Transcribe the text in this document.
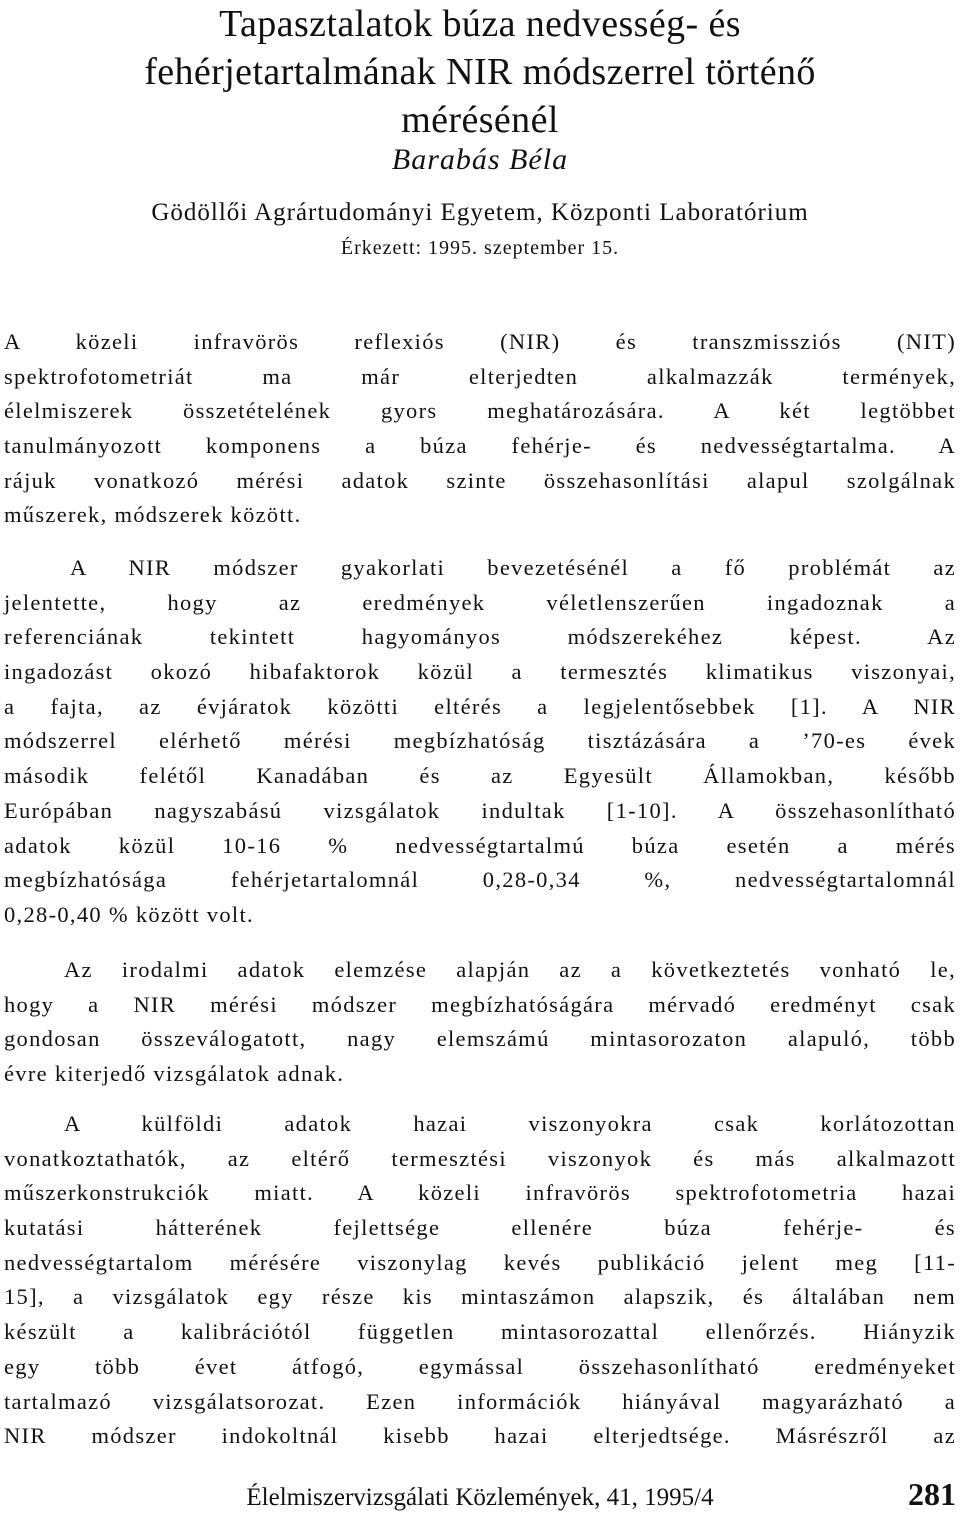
Tapasztalatok búza nedvesség- és
fehérjetartalmának NIR módszerrel történő
mérésénél
Barabás Béla
Gödöllői Agrártudományi Egyetem, Központi Laboratórium
Érkezett: 1995. szeptember 15.
A közeli infravörös reflexiós (NIR) és transzmissziós (NIT)
spektrofotometriát ma már elterjedten alkalmazzák termények,
élelmiszerek összetételének gyors meghatározására. A két legtöbbet
tanulmányozott komponens a búza fehérje- és nedvességtartalma. A
rájuk vonatkozó mérési adatok szinte összehasonlítási alapul szolgálnak
műszerek, módszerek között.
A NIR módszer gyakorlati bevezetésénél a fő problémát az
jelentette, hogy az eredmények véletlenszerűen ingadoznak a
referenciának tekintett hagyományos módszerekéhez képest. Az
ingadozást okozó hibafaktorok közül a termesztés klimatikus viszonyai,
a fajta, az évjáratok közötti eltérés a legjelentősebbek [1]. A NIR
módszerrel elérhető mérési megbízhatóság tisztázására a ’70-es évek
második felétől Kanadában és az Egyesült Államokban, később
Európában nagyszabású vizsgálatok indultak [1-10]. A összehasonlítható
adatok közül 10-16 % nedvességtartalmú búza esetén a mérés
megbízhatósága fehérjetartalomnál 0,28-0,34 %, nedvességtartalomnál
0,28-0,40 % között volt.
Az irodalmi adatok elemzése alapján az a következtetés vonható le,
hogy a NIR mérési módszer megbízhatóságára mérvadó eredményt csak
gondosan összeválogatott, nagy elemszámú mintasorozaton alapuló, több
évre kiterjedő vizsgálatok adnak.
A külföldi adatok hazai viszonyokra csak korlátozottan
vonatkoztathatók, az eltérő termesztési viszonyok és más alkalmazott
műszerkonstrukciók miatt. A közeli infravörös spektrofotometria hazai
kutatási hátterének fejlettsége ellenére búza fehérje- és
nedvességtartalom mérésére viszonylag kevés publikáció jelent meg [11-
15], a vizsgálatok egy része kis mintaszámon alapszik, és általában nem
készült a kalibrációtól független mintasorozattal ellenőrzés. Hiányzik
egy több évet átfogó, egymással összehasonlítható eredményeket
tartalmazó vizsgálatsorozat. Ezen információk hiányával magyarázható a
NIR módszer indokoltnál kisebb hazai elterjedtsége. Másrészről az
Élelmiszervizsgálati Közlemények, 41, 1995/4	281
